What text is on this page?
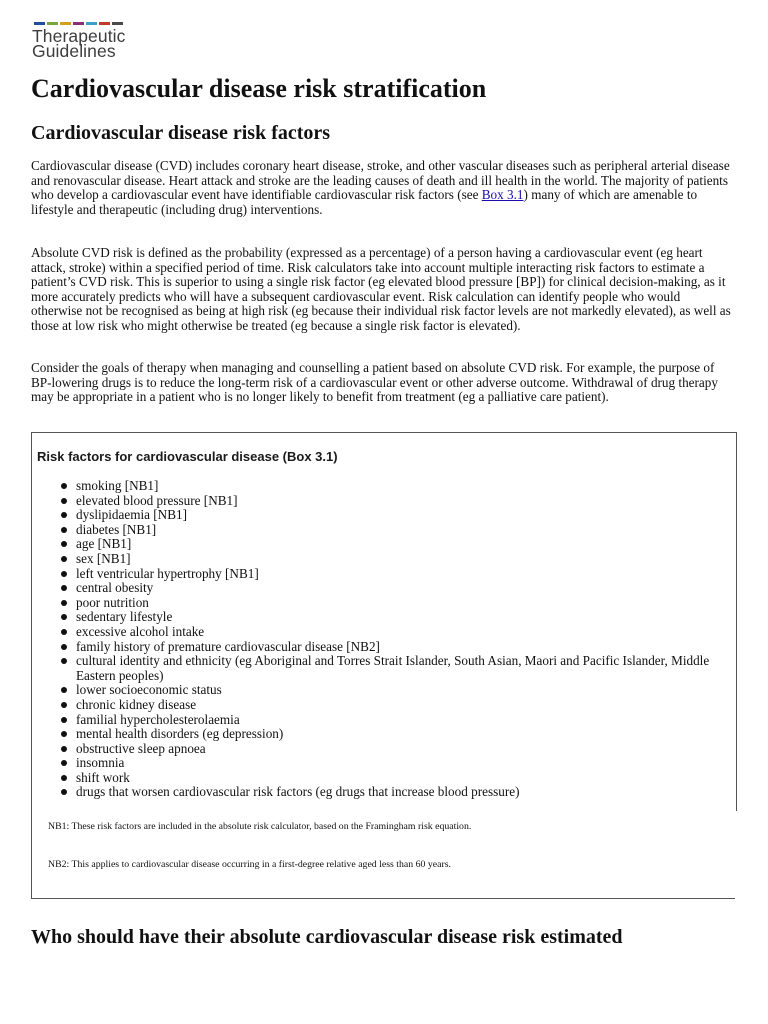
Therapeutic
Guidelines
Cardiovascular disease risk stratification
Cardiovascular disease risk factors

Cardiovascular disease (CVD) includes coronary heart disease, stroke, and other vascular diseases such as peripheral arterial disease and renovascular disease. Heart attack and stroke are the leading causes of death and ill health in the world. The majority of patients who develop a cardiovascular event have identifiable cardiovascular risk factors (see Box 3.1) many of which are amenable to lifestyle and therapeutic (including drug) interventions.

Absolute CVD risk is defined as the probability (expressed as a percentage) of a person having a cardiovascular event (eg heart attack, stroke) within a specified period of time. Risk calculators take into account multiple interacting risk factors to estimate a patient’s CVD risk. This is superior to using a single risk factor (eg elevated blood pressure [BP]) for clinical decision-making, as it more accurately predicts who will have a subsequent cardiovascular event. Risk calculation can identify people who would otherwise not be recognised as being at high risk (eg because their individual risk factor levels are not markedly elevated), as well as those at low risk who might otherwise be treated (eg because a single risk factor is elevated).

Consider the goals of therapy when managing and counselling a patient based on absolute CVD risk. For example, the purpose of BP-lowering drugs is to reduce the long-term risk of a cardiovascular event or other adverse outcome. Withdrawal of drug therapy may be appropriate in a patient who is no longer likely to benefit from treatment (eg a palliative care patient).

Risk factors for cardiovascular disease (Box 3.1)
smoking [NB1]
elevated blood pressure [NB1]
dyslipidaemia [NB1]
diabetes [NB1]
age [NB1]
sex [NB1]
left ventricular hypertrophy [NB1]
central obesity
poor nutrition
sedentary lifestyle
excessive alcohol intake
family history of premature cardiovascular disease [NB2]
cultural identity and ethnicity (eg Aboriginal and Torres Strait Islander, South Asian, Maori and Pacific Islander, Middle Eastern peoples)
lower socioeconomic status
chronic kidney disease
familial hypercholesterolaemia
mental health disorders (eg depression)
obstructive sleep apnoea
insomnia
shift work
drugs that worsen cardiovascular risk factors (eg drugs that increase blood pressure)

NB1: These risk factors are included in the absolute risk calculator, based on the Framingham risk equation.

NB2: This applies to cardiovascular disease occurring in a first-degree relative aged less than 60 years.

Who should have their absolute cardiovascular disease risk estimated
